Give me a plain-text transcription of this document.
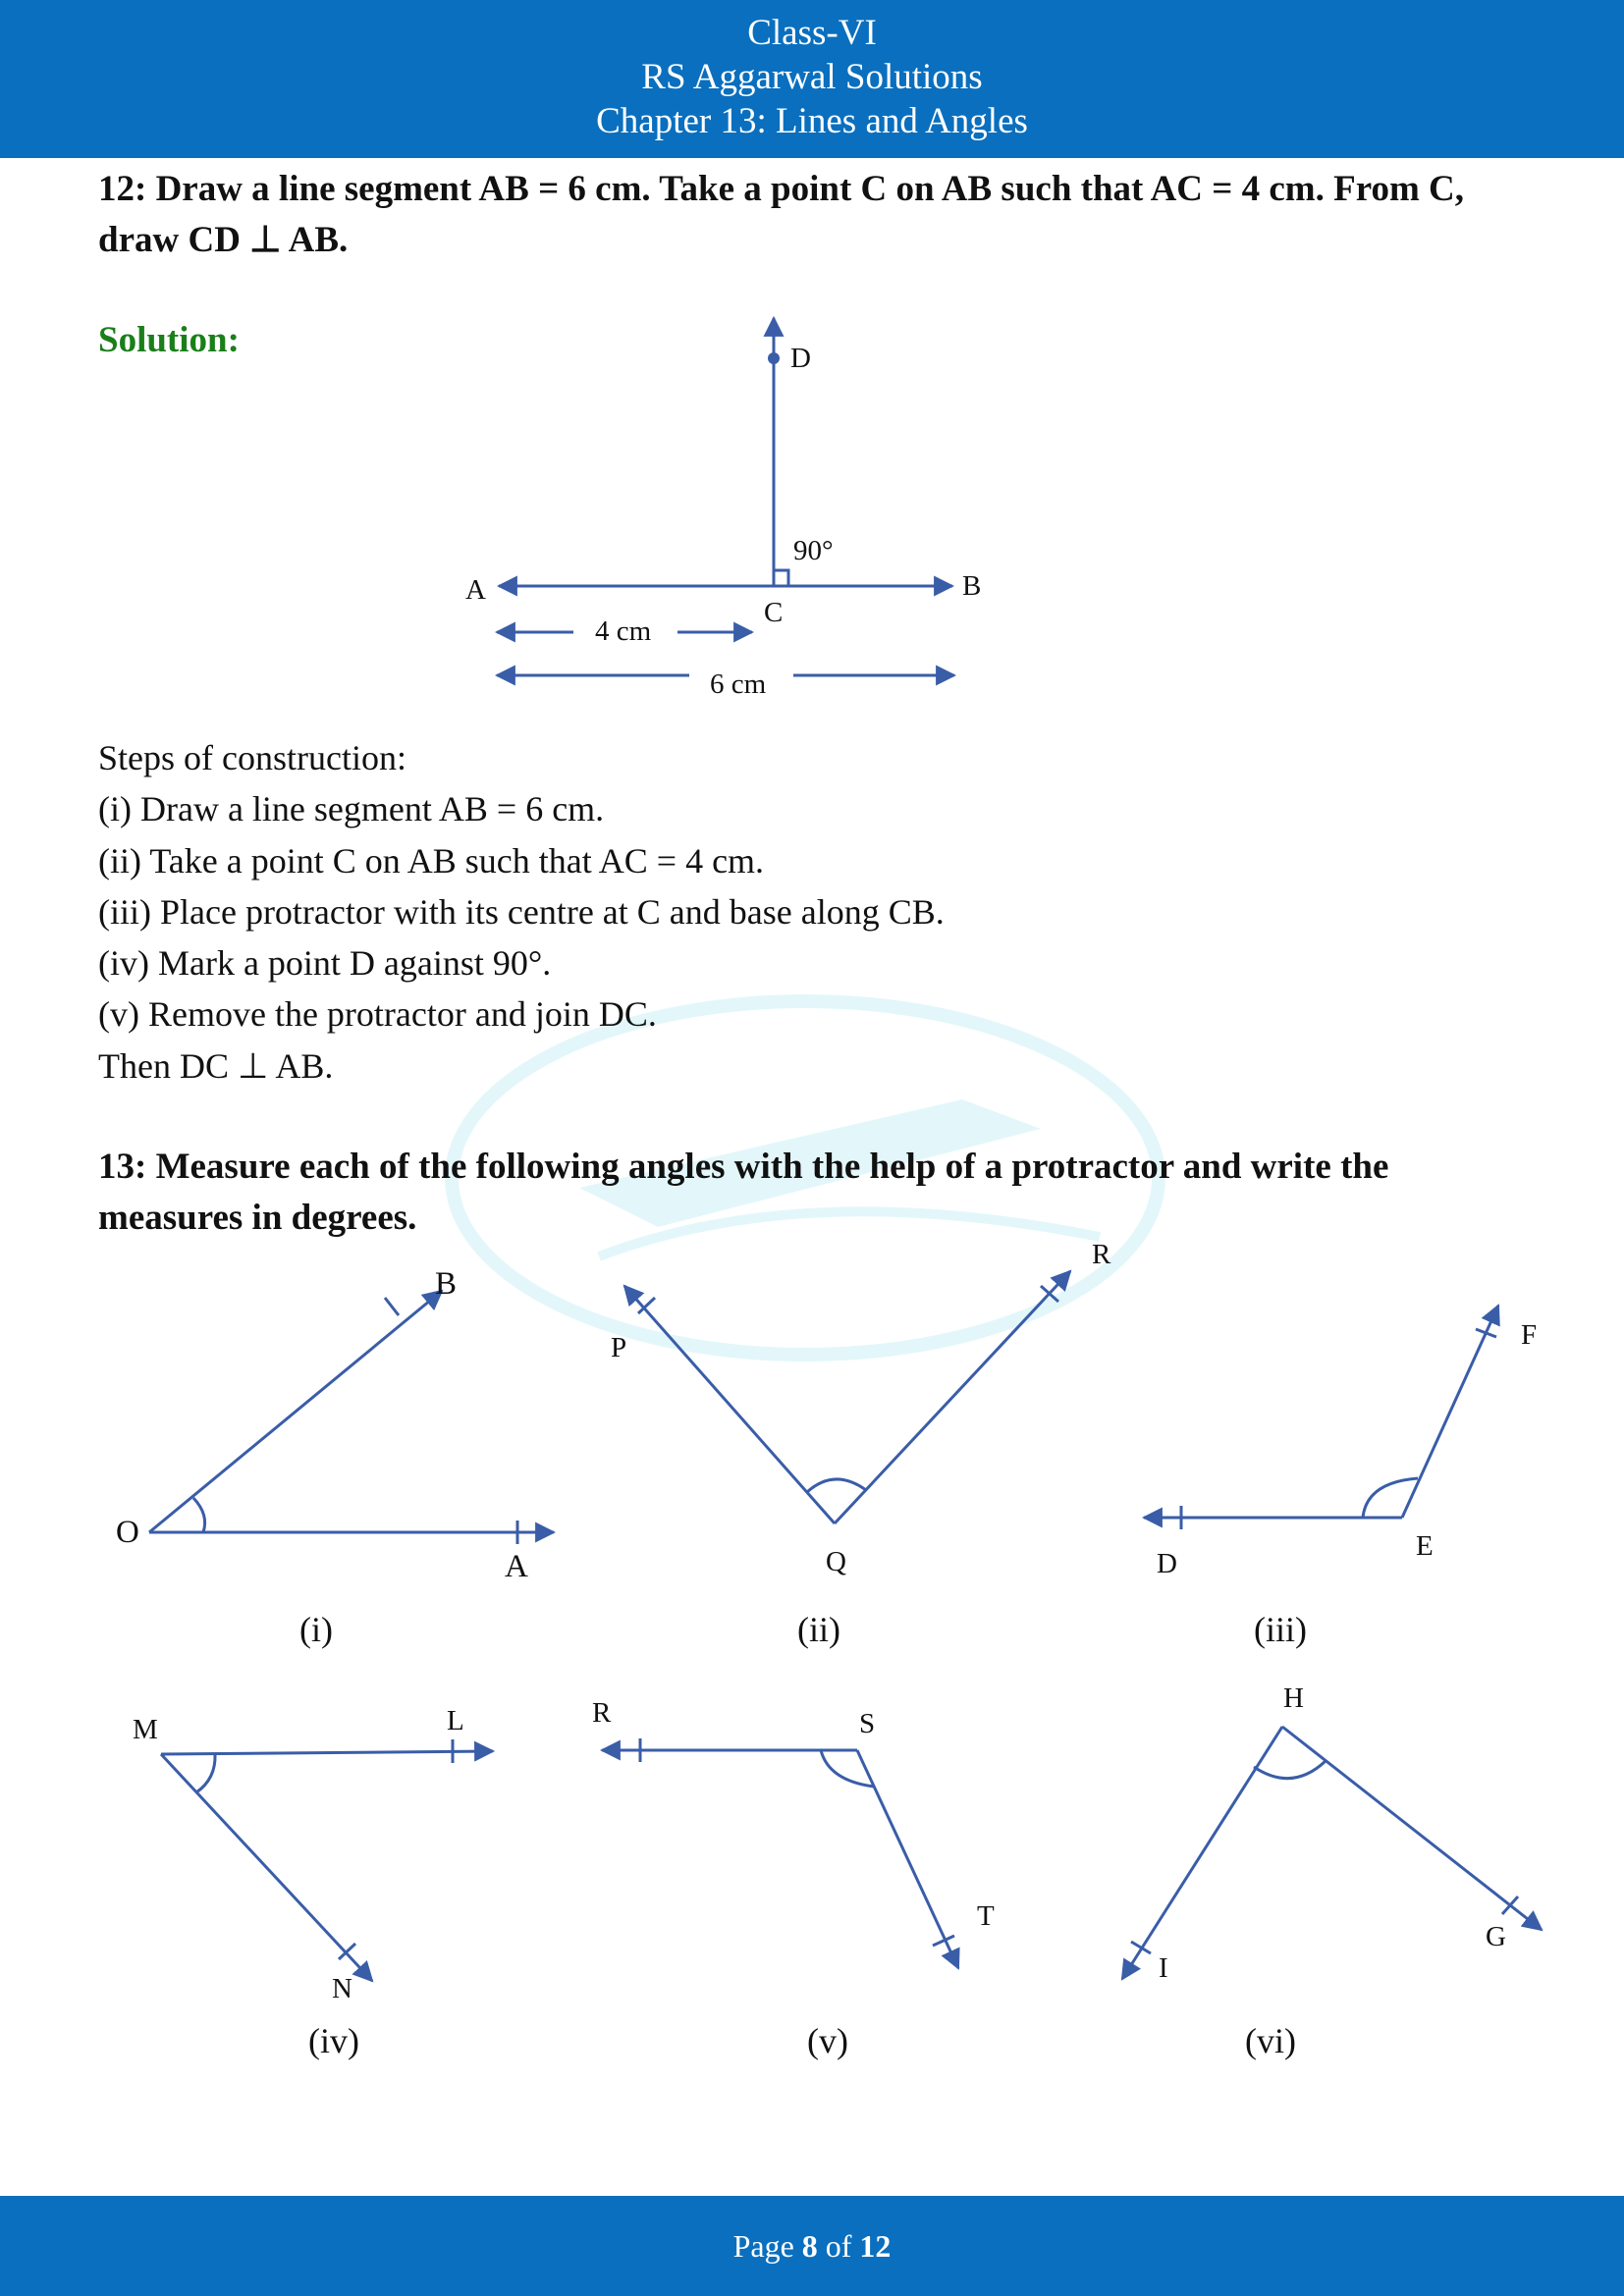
Class-VI
RS Aggarwal Solutions
Chapter 13: Lines and Angles
12: Draw a line segment AB = 6 cm. Take a point C on AB such that AC = 4 cm. From C,
draw CD ⊥ AB.
Solution:
A	B
C
D
90°
4 cm
6 cm
Steps of construction:
(i) Draw a line segment AB = 6 cm.
(ii) Take a point C on AB such that AC = 4 cm.
(iii) Place protractor with its centre at C and base along CB.
(iv) Mark a point D against 90°.
(v) Remove the protractor and join DC.
Then DC ⊥ AB.
13: Measure each of the following angles with the help of a protractor and write the
measures in degrees.
O
B
A
(i)
Q
P
R
(ii)
E
F
D
(iii)
M	L
N
(iv)
S
R
T
(v)
H
G
I
(vi)
Page 8 of 12
